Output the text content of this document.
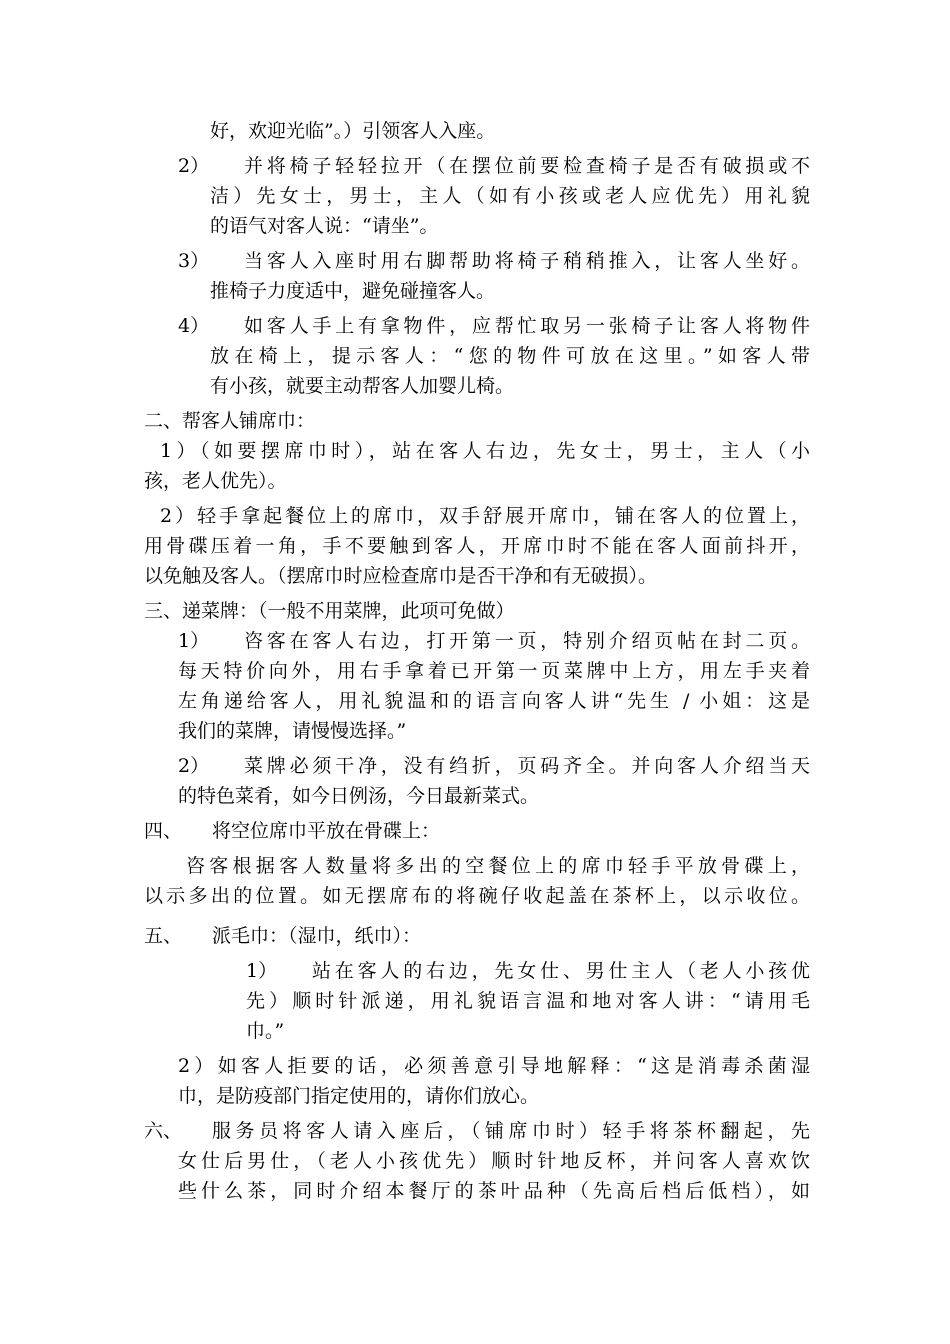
好，欢迎光临”。）引领客人入座。
2） 并将椅子轻轻拉开（在摆位前要检查椅子是否有破损或不
洁）先女士，男士，主人（如有小孩或老人应优先）用礼貌
的语气对客人说：“请坐”。
3） 当客人入座时用右脚帮助将椅子稍稍推入，让客人坐好。
推椅子力度适中，避免碰撞客人。
4） 如客人手上有拿物件，应帮忙取另一张椅子让客人将物件
放在椅上，提示客人：“您的物件可放在这里。”如客人带
有小孩，就要主动帮客人加婴儿椅。
二、帮客人铺席巾：
1）（如要摆席巾时），站在客人右边，先女士，男士，主人（小
孩，老人优先）。
2）轻手拿起餐位上的席巾，双手舒展开席巾，铺在客人的位置上，
用骨碟压着一角，手不要触到客人，开席巾时不能在客人面前抖开，
以免触及客人。（摆席巾时应检查席巾是否干净和有无破损）。
三、递菜牌：（一般不用菜牌，此项可免做）
1） 咨客在客人右边，打开第一页，特别介绍页帖在封二页。
每天特价向外，用右手拿着已开第一页菜牌中上方，用左手夹着
左角递给客人，用礼貌温和的语言向客人讲“先生 / 小姐：这是
我们的菜牌，请慢慢选择。”
2） 菜牌必须干净，没有绉折，页码齐全。并向客人介绍当天
的特色菜肴，如今日例汤，今日最新菜式。
四、 将空位席巾平放在骨碟上：
咨客根据客人数量将多出的空餐位上的席巾轻手平放骨碟上，
以示多出的位置。如无摆席布的将碗仔收起盖在茶杯上，以示收位。
五、 派毛巾：（湿巾，纸巾）：
1） 站在客人的右边，先女仕、男仕主人（老人小孩优
先）顺时针派递，用礼貌语言温和地对客人讲：“请用毛
巾。”
2）如客人拒要的话，必须善意引导地解释：“这是消毒杀菌湿
巾，是防疫部门指定使用的，请你们放心。
六、 服务员将客人请入座后，（铺席巾时）轻手将茶杯翻起，先
女仕后男仕，（老人小孩优先）顺时针地反杯，并问客人喜欢饮
些什么茶，同时介绍本餐厅的茶叶品种（先高后档后低档），如
